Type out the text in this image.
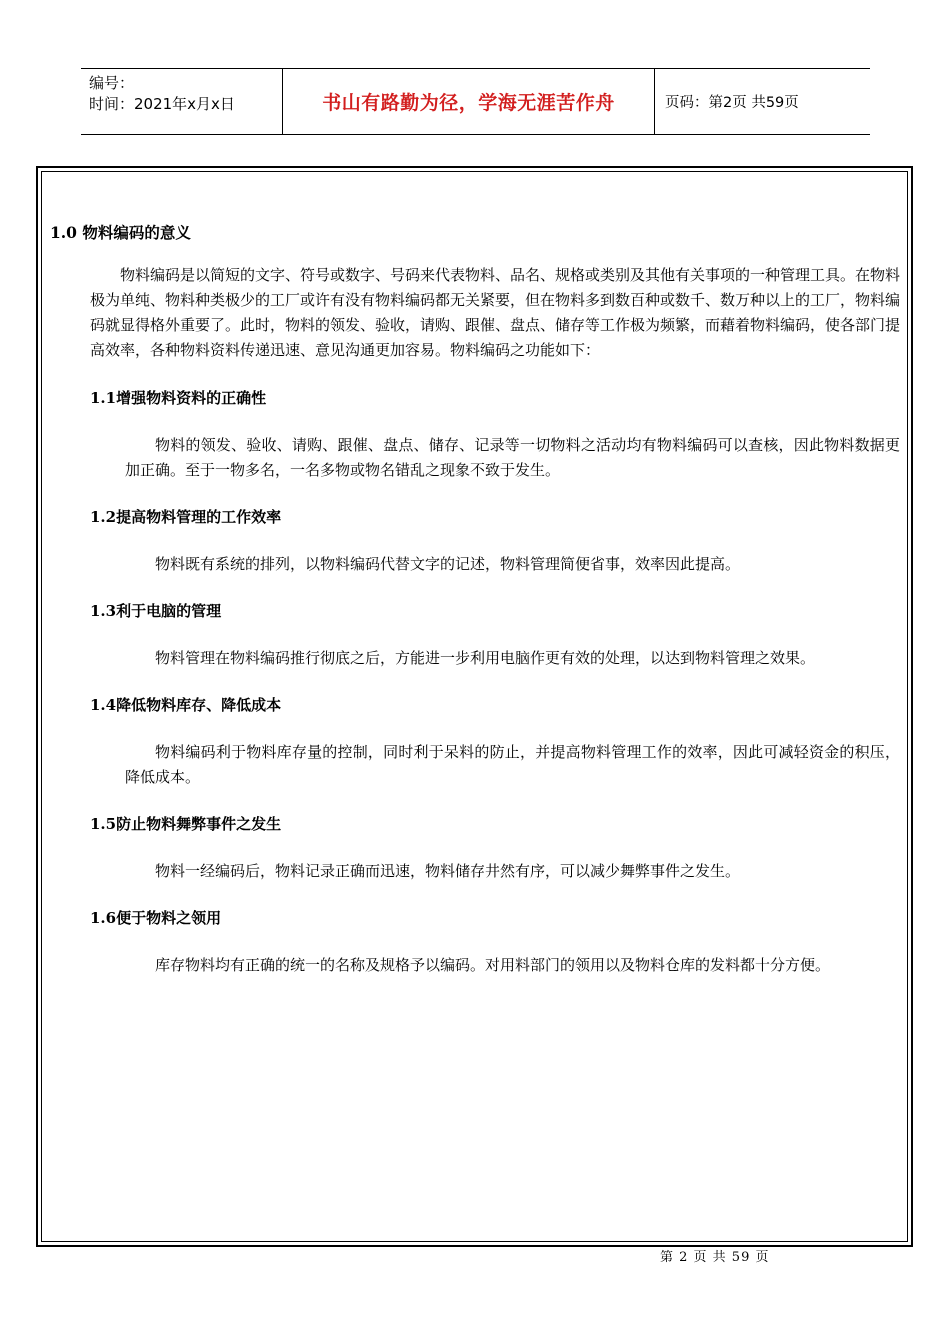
编号：
时间：2021年x月x日	书山有路勤为径，学海无涯苦作舟	页码：第2页 共59页
1.0 物料编码的意义
物料编码是以简短的文字、符号或数字、号码来代表物料、品名、规格或类别及其他有关事项的一种管理工具。在物料极为单纯、物料种类极少的工厂或许有没有物料编码都无关紧要，但在物料多到数百种或数千、数万种以上的工厂，物料编码就显得格外重要了。此时，物料的领发、验收，请购、跟催、盘点、储存等工作极为频繁，而藉着物料编码，使各部门提高效率，各种物料资料传递迅速、意见沟通更加容易。物料编码之功能如下：
1.1增强物料资料的正确性
物料的领发、验收、请购、跟催、盘点、储存、记录等一切物料之活动均有物料编码可以查核，因此物料数据更加正确。至于一物多名，一名多物或物名错乱之现象不致于发生。
1.2提高物料管理的工作效率
物料既有系统的排列，以物料编码代替文字的记述，物料管理简便省事，效率因此提高。
1.3利于电脑的管理
物料管理在物料编码推行彻底之后，方能进一步利用电脑作更有效的处理，以达到物料管理之效果。
1.4降低物料库存、降低成本
物料编码利于物料库存量的控制，同时利于呆料的防止，并提高物料管理工作的效率，因此可减轻资金的积压，降低成本。
1.5防止物料舞弊事件之发生
物料一经编码后，物料记录正确而迅速，物料储存井然有序，可以减少舞弊事件之发生。
1.6便于物料之领用
库存物料均有正确的统一的名称及规格予以编码。对用料部门的领用以及物料仓库的发料都十分方便。
第 2 页 共 59 页
